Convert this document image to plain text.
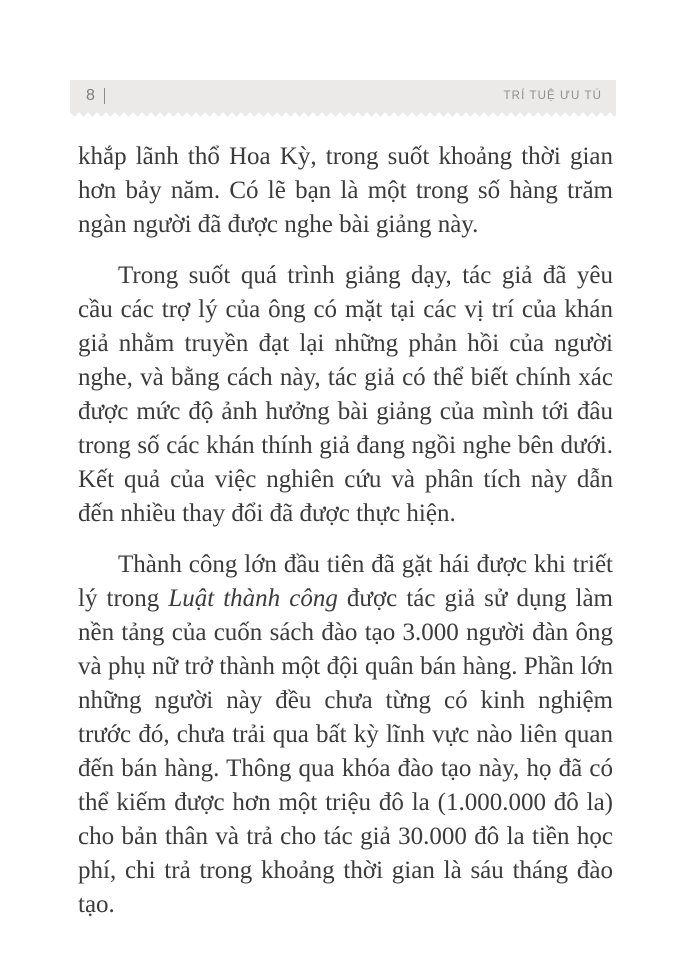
8	TRÍ TUỆ ƯU TÚ

khắp lãnh thổ Hoa Kỳ, trong suốt khoảng thời gian hơn bảy năm. Có lẽ bạn là một trong số hàng trăm ngàn người đã được nghe bài giảng này.

Trong suốt quá trình giảng dạy, tác giả đã yêu cầu các trợ lý của ông có mặt tại các vị trí của khán giả nhằm truyền đạt lại những phản hồi của người nghe, và bằng cách này, tác giả có thể biết chính xác được mức độ ảnh hưởng bài giảng của mình tới đâu trong số các khán thính giả đang ngồi nghe bên dưới. Kết quả của việc nghiên cứu và phân tích này dẫn đến nhiều thay đổi đã được thực hiện.

Thành công lớn đầu tiên đã gặt hái được khi triết lý trong Luật thành công được tác giả sử dụng làm nền tảng của cuốn sách đào tạo 3.000 người đàn ông và phụ nữ trở thành một đội quân bán hàng. Phần lớn những người này đều chưa từng có kinh nghiệm trước đó, chưa trải qua bất kỳ lĩnh vực nào liên quan đến bán hàng. Thông qua khóa đào tạo này, họ đã có thể kiếm được hơn một triệu đô la (1.000.000 đô la) cho bản thân và trả cho tác giả 30.000 đô la tiền học phí, chi trả trong khoảng thời gian là sáu tháng đào tạo.
